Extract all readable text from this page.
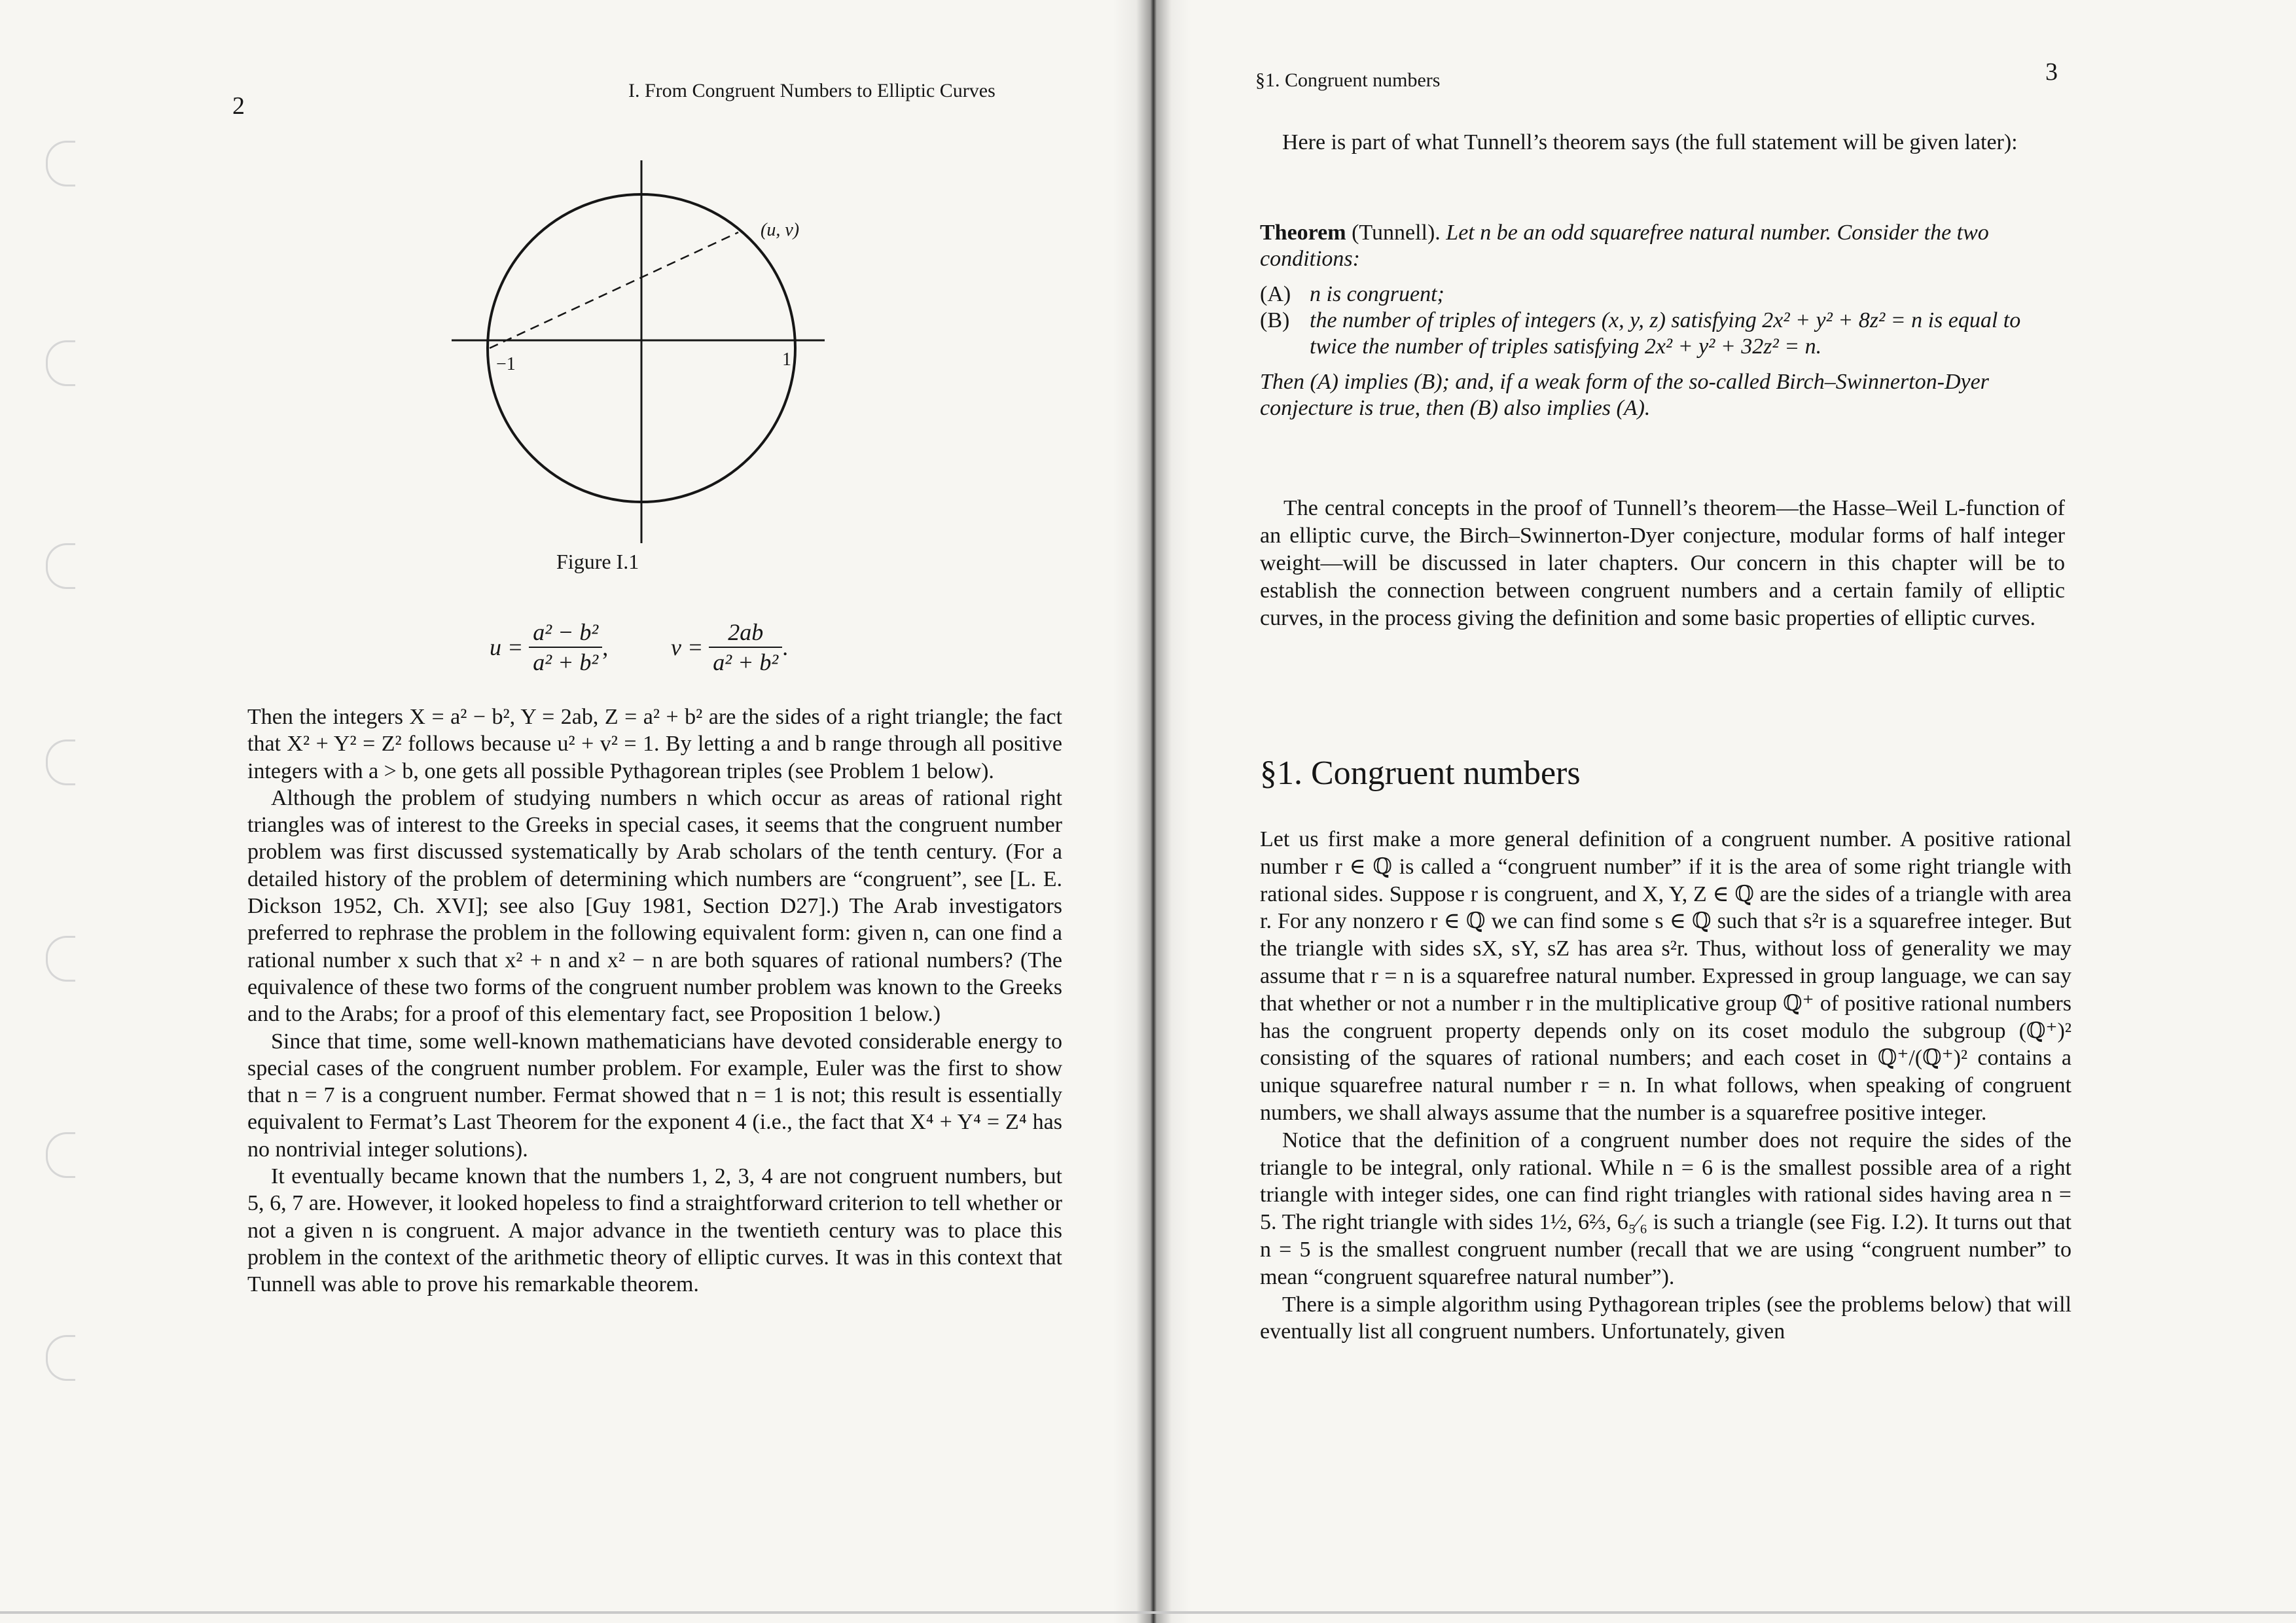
2
I. From Congruent Numbers to Elliptic Curves
(u, v)
−1	1
Figure I.1
$u = \frac{\text{a² − b²}}{\text{a² + b²}}$ ,	$v = \frac{2ab}{\text{a² + b²}}$ .

Then the integers X = a² − b², Y = 2ab, Z = a² + b² are the sides of a right triangle; the fact that X² + Y² = Z² follows because u² + v² = 1. By letting a and b range through all positive integers with a > b, one gets all possible Pythagorean triples (see Problem 1 below).

Although the problem of studying numbers n which occur as areas of rational right triangles was of interest to the Greeks in special cases, it seems that the congruent number problem was first discussed systematically by Arab scholars of the tenth century. (For a detailed history of the problem of determining which numbers are “congruent”, see [L. E. Dickson 1952, Ch. XVI]; see also [Guy 1981, Section D27].) The Arab investigators preferred to rephrase the problem in the following equivalent form: given n, can one find a rational number x such that x² + n and x² − n are both squares of rational numbers? (The equivalence of these two forms of the congruent number problem was known to the Greeks and to the Arabs; for a proof of this elementary fact, see Proposition 1 below.)

Since that time, some well-known mathematicians have devoted considerable energy to special cases of the congruent number problem. For example, Euler was the first to show that n = 7 is a congruent number. Fermat showed that n = 1 is not; this result is essentially equivalent to Fermat’s Last Theorem for the exponent 4 (i.e., the fact that X⁴ + Y⁴ = Z⁴ has no nontrivial integer solutions).

It eventually became known that the numbers 1, 2, 3, 4 are not congruent numbers, but 5, 6, 7 are. However, it looked hopeless to find a straightforward criterion to tell whether or not a given n is congruent. A major advance in the twentieth century was to place this problem in the context of the arithmetic theory of elliptic curves. It was in this context that Tunnell was able to prove his remarkable theorem.

3
§1. Congruent numbers

Here is part of what Tunnell’s theorem says (the full statement will be given later):

Theorem (Tunnell). Let n be an odd squarefree natural number. Consider the two conditions:

(A) n is congruent;

(B) the number of triples of integers (x, y, z) satisfying 2x² + y² + 8z² = n is equal to twice the number of triples satisfying 2x² + y² + 32z² = n.

Then (A) implies (B); and, if a weak form of the so-called Birch–Swinnerton-Dyer conjecture is true, then (B) also implies (A).

The central concepts in the proof of Tunnell’s theorem—the Hasse–Weil L-function of an elliptic curve, the Birch–Swinnerton-Dyer conjecture, modular forms of half integer weight—will be discussed in later chapters. Our concern in this chapter will be to establish the connection between congruent numbers and a certain family of elliptic curves, in the process giving the definition and some basic properties of elliptic curves.

§1. Congruent numbers

Let us first make a more general definition of a congruent number. A positive rational number r ∈ ℚ is called a “congruent number” if it is the area of some right triangle with rational sides. Suppose r is congruent, and X, Y, Z ∈ ℚ are the sides of a triangle with area r. For any nonzero r ∈ ℚ we can find some s ∈ ℚ such that s²r is a squarefree integer. But the triangle with sides sX, sY, sZ has area s²r. Thus, without loss of generality we may assume that r = n is a squarefree natural number. Expressed in group language, we can say that whether or not a number r in the multiplicative group ℚ⁺ of positive rational numbers has the congruent property depends only on its coset modulo the subgroup (ℚ⁺)² consisting of the squares of rational numbers; and each coset in ℚ⁺/(ℚ⁺)² contains a unique squarefree natural number r = n. In what follows, when speaking of congruent numbers, we shall always assume that the number is a squarefree positive integer.

Notice that the definition of a congruent number does not require the sides of the triangle to be integral, only rational. While n = 6 is the smallest possible area of a right triangle with integer sides, one can find right triangles with rational sides having area n = 5. The right triangle with sides 1½, 6⅔, 6₅⁄₆ is such a triangle (see Fig. I.2). It turns out that n = 5 is the smallest congruent number (recall that we are using “congruent number” to mean “congruent squarefree natural number”).

There is a simple algorithm using Pythagorean triples (see the problems below) that will eventually list all congruent numbers. Unfortunately, given
